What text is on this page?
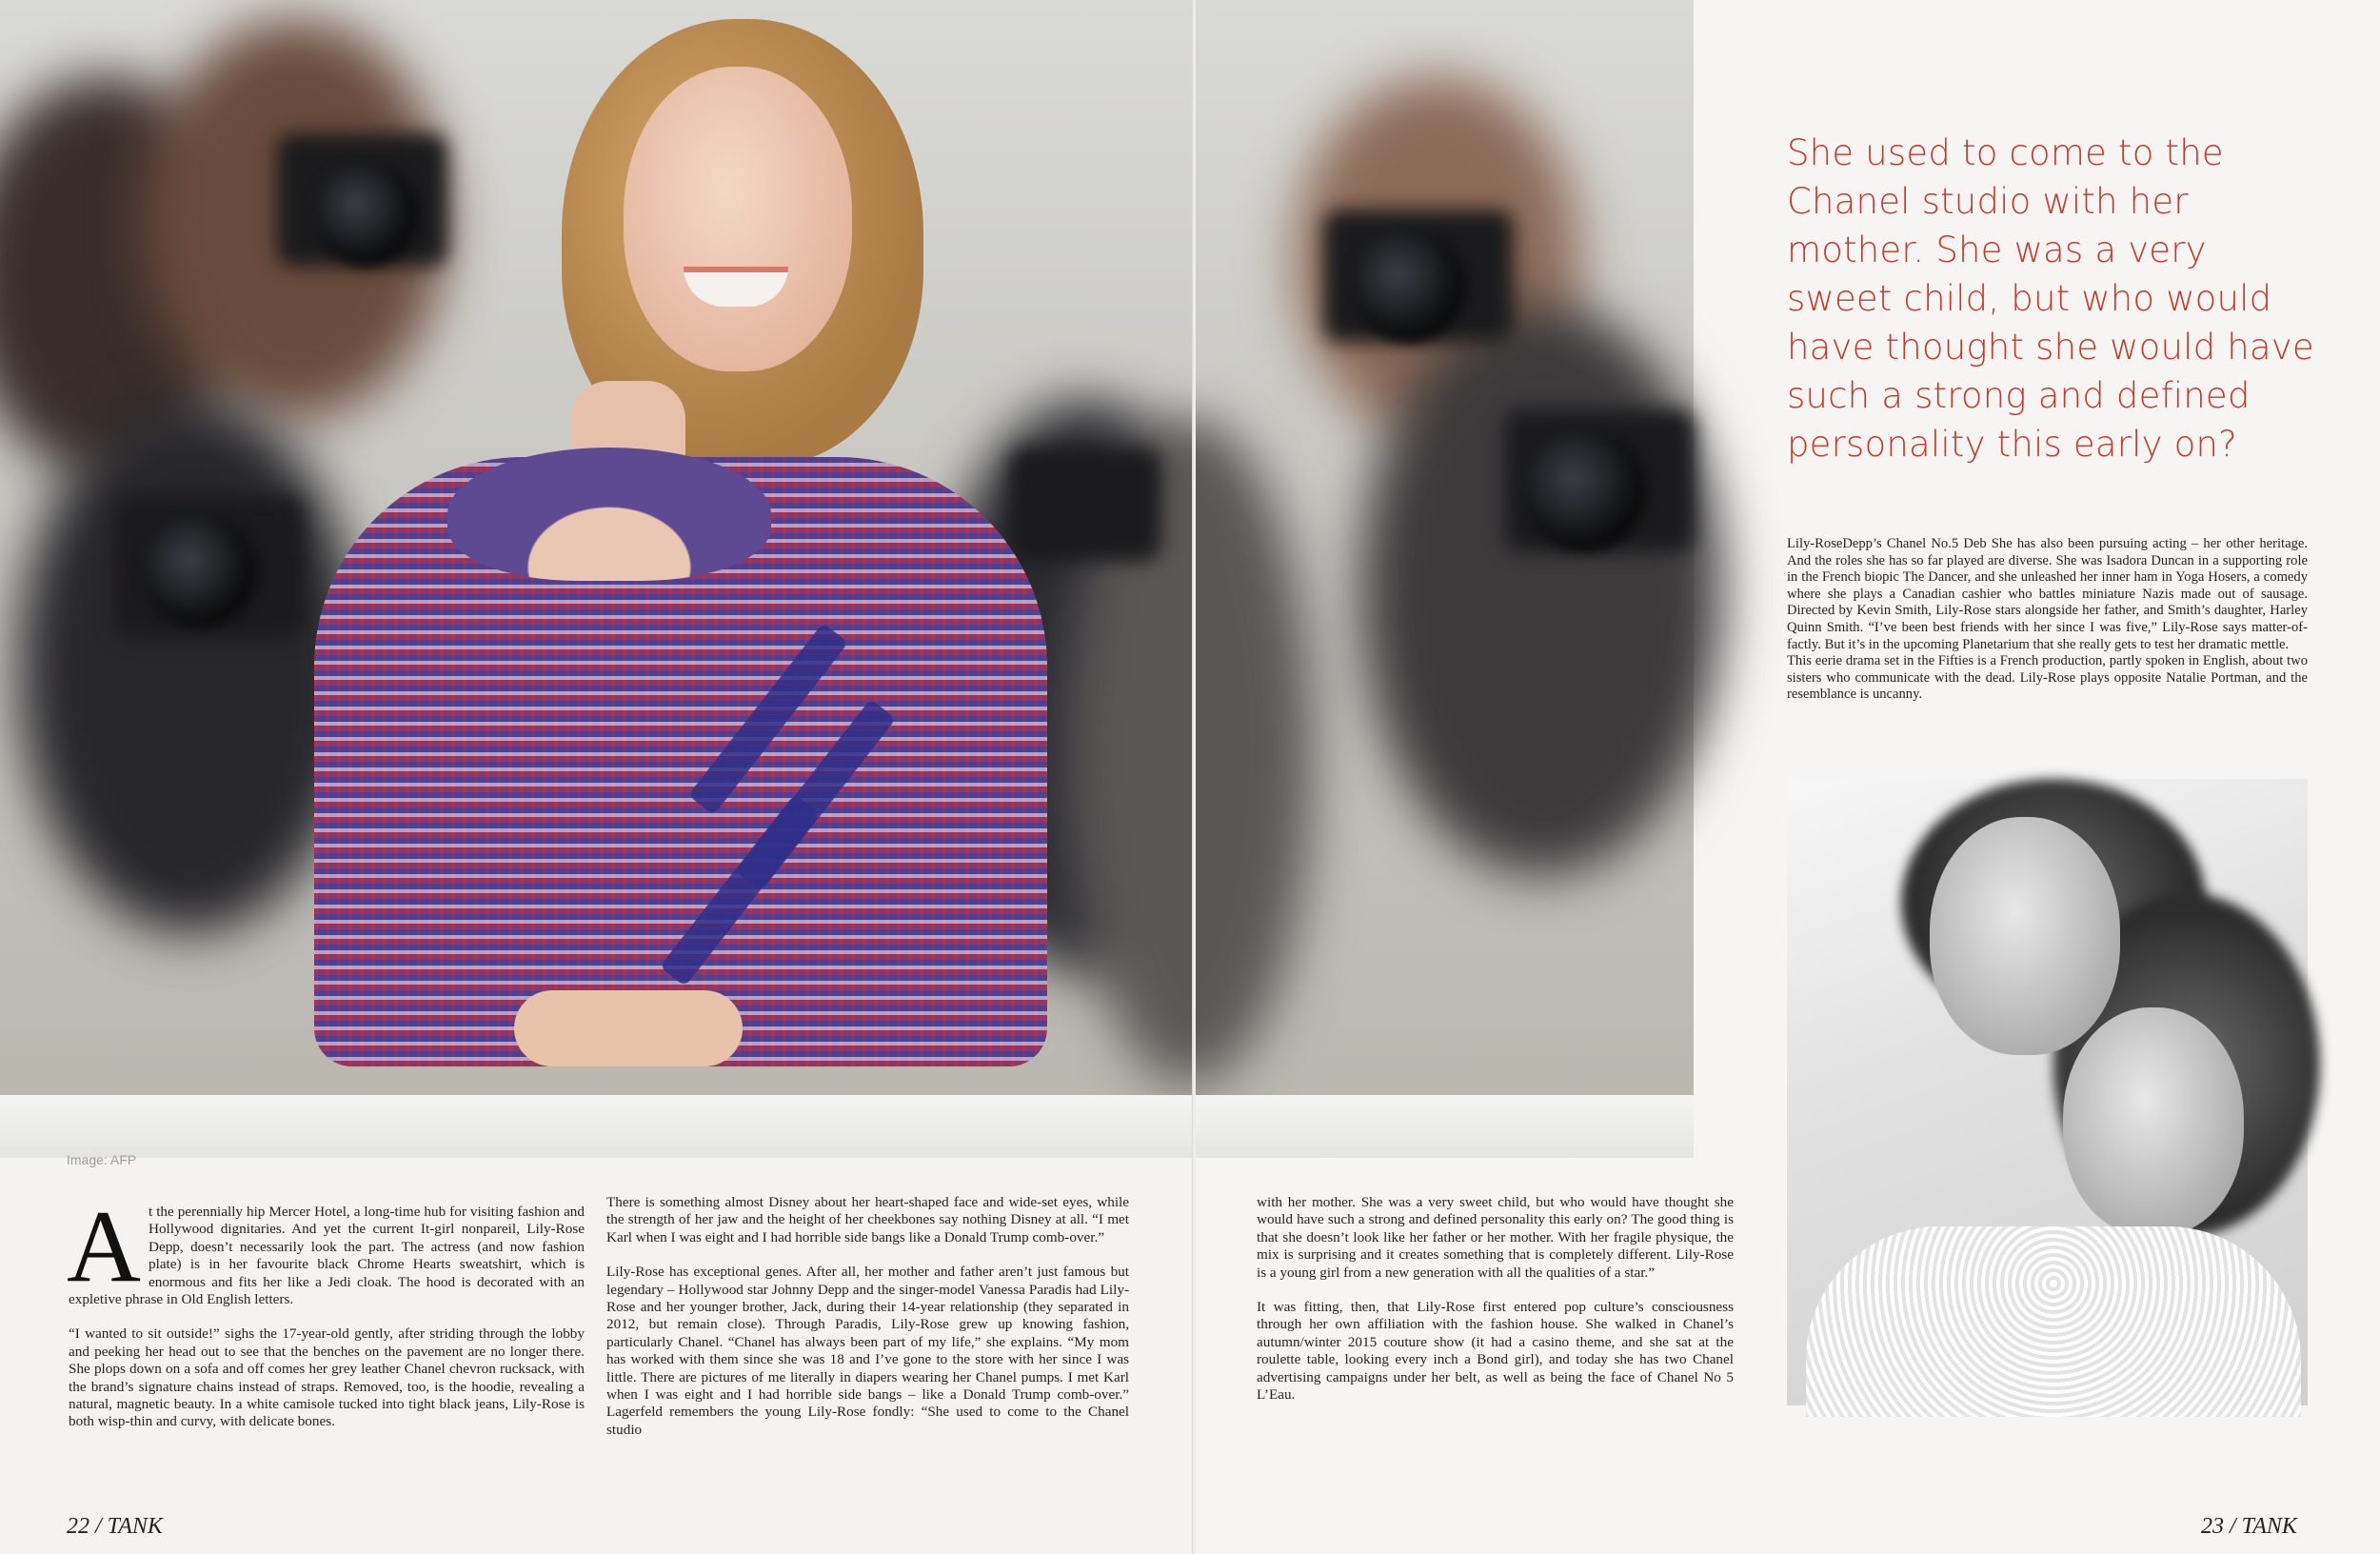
Image: AFP

At the perennially hip Mercer Hotel, a long-time hub for visiting fashion and Hollywood dignitaries. And yet the current It-girl nonpareil, Lily-Rose Depp, doesn’t necessarily look the part. The actress (and now fashion plate) is in her favourite black Chrome Hearts sweatshirt, which is enormous and fits her like a Jedi cloak. The hood is decorated with an expletive phrase in Old English letters.

“I wanted to sit outside!” sighs the 17-year-old gently, after striding through the lobby and peeking her head out to see that the benches on the pavement are no longer there. She plops down on a sofa and off comes her grey leather Chanel chevron rucksack, with the brand’s signature chains instead of straps. Removed, too, is the hoodie, revealing a natural, magnetic beauty. In a white camisole tucked into tight black jeans, Lily-Rose is both wisp-thin and curvy, with delicate bones.

There is something almost Disney about her heart-shaped face and wide-set eyes, while the strength of her jaw and the height of her cheekbones say nothing Disney at all. “I met Karl when I was eight and I had horrible side bangs like a Donald Trump comb-over.”

Lily-Rose has exceptional genes. After all, her mother and father aren’t just famous but legendary – Hollywood star Johnny Depp and the singer-model Vanessa Paradis had Lily-Rose and her younger brother, Jack, during their 14-year relationship (they separated in 2012, but remain close). Through Paradis, Lily-Rose grew up knowing fashion, particularly Chanel. “Chanel has always been part of my life,” she explains. “My mom has worked with them since she was 18 and I’ve gone to the store with her since I was little. There are pictures of me literally in diapers wearing her Chanel pumps. I met Karl when I was eight and I had horrible side bangs – like a Donald Trump comb-over.” Lagerfeld remembers the young Lily-Rose fondly: “She used to come to the Chanel studio

22 / TANK

with her mother. She was a very sweet child, but who would have thought she would have such a strong and defined personality this early on? The good thing is that she doesn’t look like her father or her mother. With her fragile physique, the mix is surprising and it creates something that is completely different. Lily-Rose is a young girl from a new generation with all the qualities of a star.”

It was fitting, then, that Lily-Rose first entered pop culture’s consciousness through her own affiliation with the fashion house. She walked in Chanel’s autumn/winter 2015 couture show (it had a casino theme, and she sat at the roulette table, looking every inch a Bond girl), and today she has two Chanel advertising campaigns under her belt, as well as being the face of Chanel No 5 L’Eau.

She used to come to the Chanel studio with her mother. She was a very sweet child, but who would have thought she would have such a strong and defined personality this early on?

Lily-RoseDepp’s Chanel No.5 Deb She has also been pursuing acting – her other heritage. And the roles she has so far played are diverse. She was Isadora Duncan in a supporting role in the French biopic The Dancer, and she unleashed her inner ham in Yoga Hosers, a comedy where she plays a Canadian cashier who battles miniature Nazis made out of sausage. Directed by Kevin Smith, Lily-Rose stars alongside her father, and Smith’s daughter, Harley Quinn Smith. “I’ve been best friends with her since I was five,” Lily-Rose says matter-of-factly. But it’s in the upcoming Planetarium that she really gets to test her dramatic mettle.

This eerie drama set in the Fifties is a French production, partly spoken in English, about two sisters who communicate with the dead. Lily-Rose plays opposite Natalie Portman, and the resemblance is uncanny.

23 / TANK
